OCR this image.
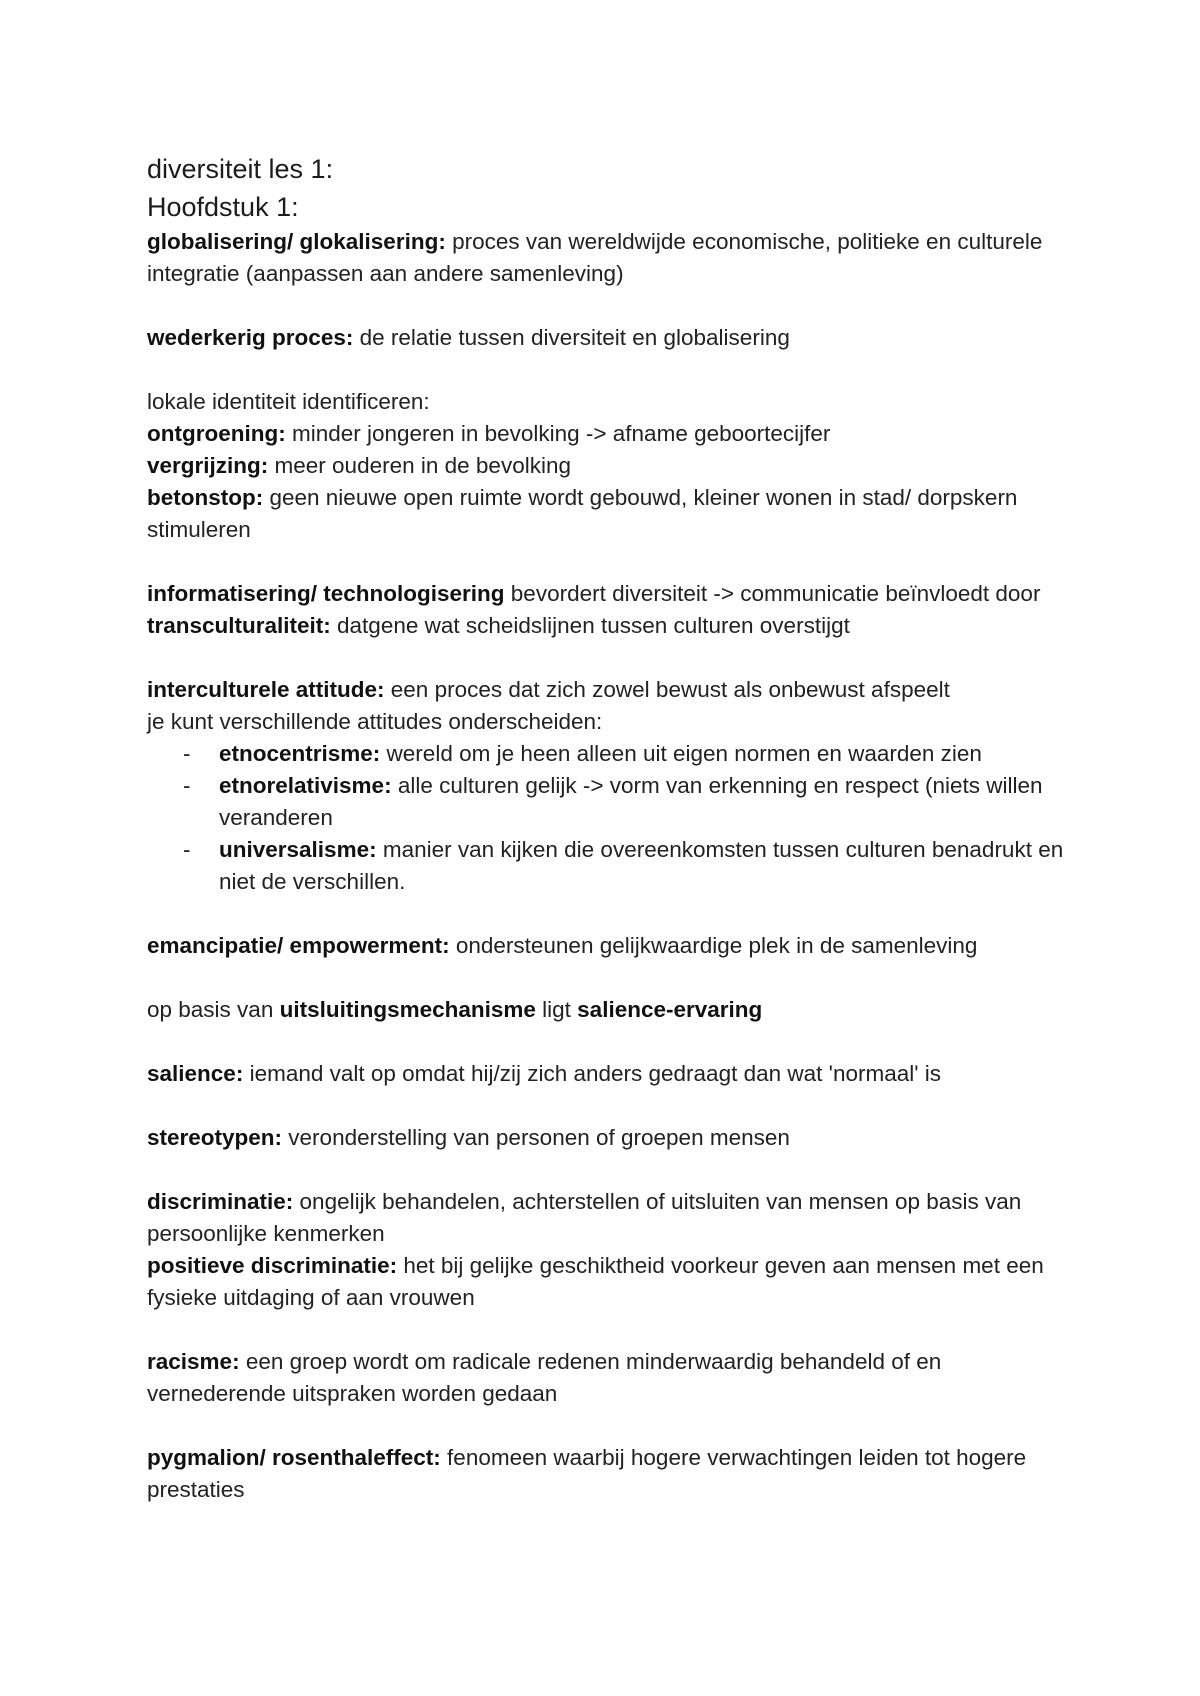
diversiteit les 1:
Hoofdstuk 1:

globalisering/ glokalisering: proces van wereldwijde economische, politieke en culturele integratie (aanpassen aan andere samenleving)

wederkerig proces: de relatie tussen diversiteit en globalisering

lokale identiteit identificeren:

ontgroening: minder jongeren in bevolking -> afname geboortecijfer

vergrijzing: meer ouderen in de bevolking

betonstop: geen nieuwe open ruimte wordt gebouwd, kleiner wonen in stad/ dorpskern stimuleren

informatisering/ technologisering bevordert diversiteit -> communicatie beïnvloedt door transculturaliteit: datgene wat scheidslijnen tussen culturen overstijgt

interculturele attitude: een proces dat zich zowel bewust als onbewust afspeelt

je kunt verschillende attitudes onderscheiden:

- etnocentrisme: wereld om je heen alleen uit eigen normen en waarden zien
- etnorelativisme: alle culturen gelijk -> vorm van erkenning en respect (niets willen veranderen
- universalisme: manier van kijken die overeenkomsten tussen culturen benadrukt en niet de verschillen.

emancipatie/ empowerment: ondersteunen gelijkwaardige plek in de samenleving

op basis van uitsluitingsmechanisme ligt salience-ervaring

salience: iemand valt op omdat hij/zij zich anders gedraagt dan wat 'normaal' is

stereotypen: veronderstelling van personen of groepen mensen

discriminatie: ongelijk behandelen, achterstellen of uitsluiten van mensen op basis van persoonlijke kenmerken

positieve discriminatie: het bij gelijke geschiktheid voorkeur geven aan mensen met een fysieke uitdaging of aan vrouwen

racisme: een groep wordt om radicale redenen minderwaardig behandeld of en vernederende uitspraken worden gedaan

pygmalion/ rosenthaleffect: fenomeen waarbij hogere verwachtingen leiden tot hogere prestaties
